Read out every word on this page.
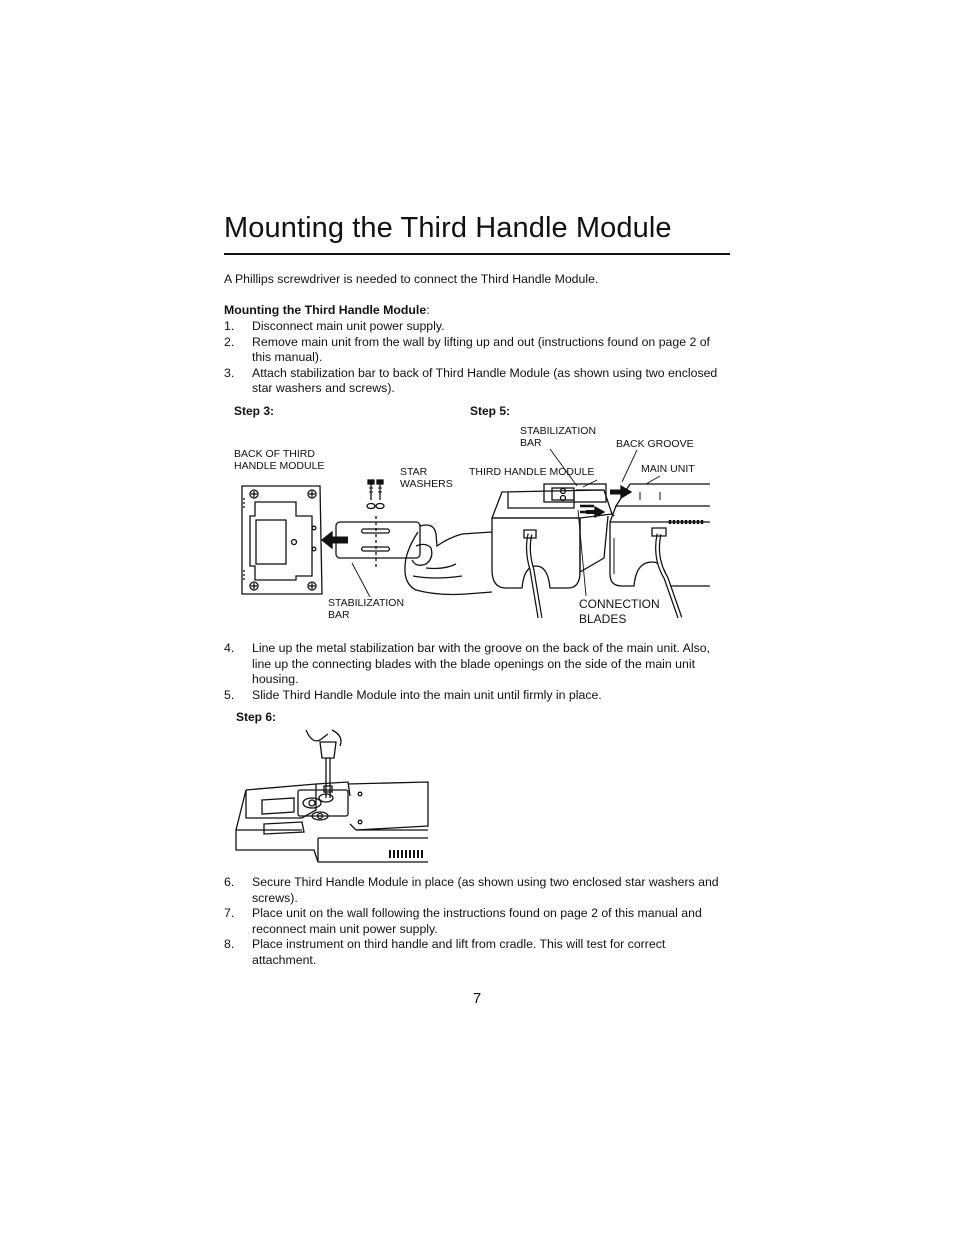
Mounting the Third Handle Module
A Phillips screwdriver is needed to connect the Third Handle Module.
Mounting the Third Handle Module:
1. Disconnect main unit power supply.
2. Remove main unit from the wall by lifting up and out (instructions found on page 2 of this manual).
3. Attach stabilization bar to back of Third Handle Module (as shown using two enclosed star washers and screws).
Step 3:
BACK OF THIRD
HANDLE MODULE	STAR
WASHERS
STABILIZATION
BAR
Step 5:
STABILIZATION
BAR	BACK GROOVE
THIRD HANDLE MODULE	MAIN UNIT
CONNECTION
BLADES
4. Line up the metal stabilization bar with the groove on the back of the main unit. Also, line up the connecting blades with the blade openings on the side of the main unit housing.
5. Slide Third Handle Module into the main unit until firmly in place.
Step 6:
6. Secure Third Handle Module in place (as shown using two enclosed star washers and screws).
7. Place unit on the wall following the instructions found on page 2 of this manual and reconnect main unit power supply.
8. Place instrument on third handle and lift from cradle. This will test for correct attachment.
7
